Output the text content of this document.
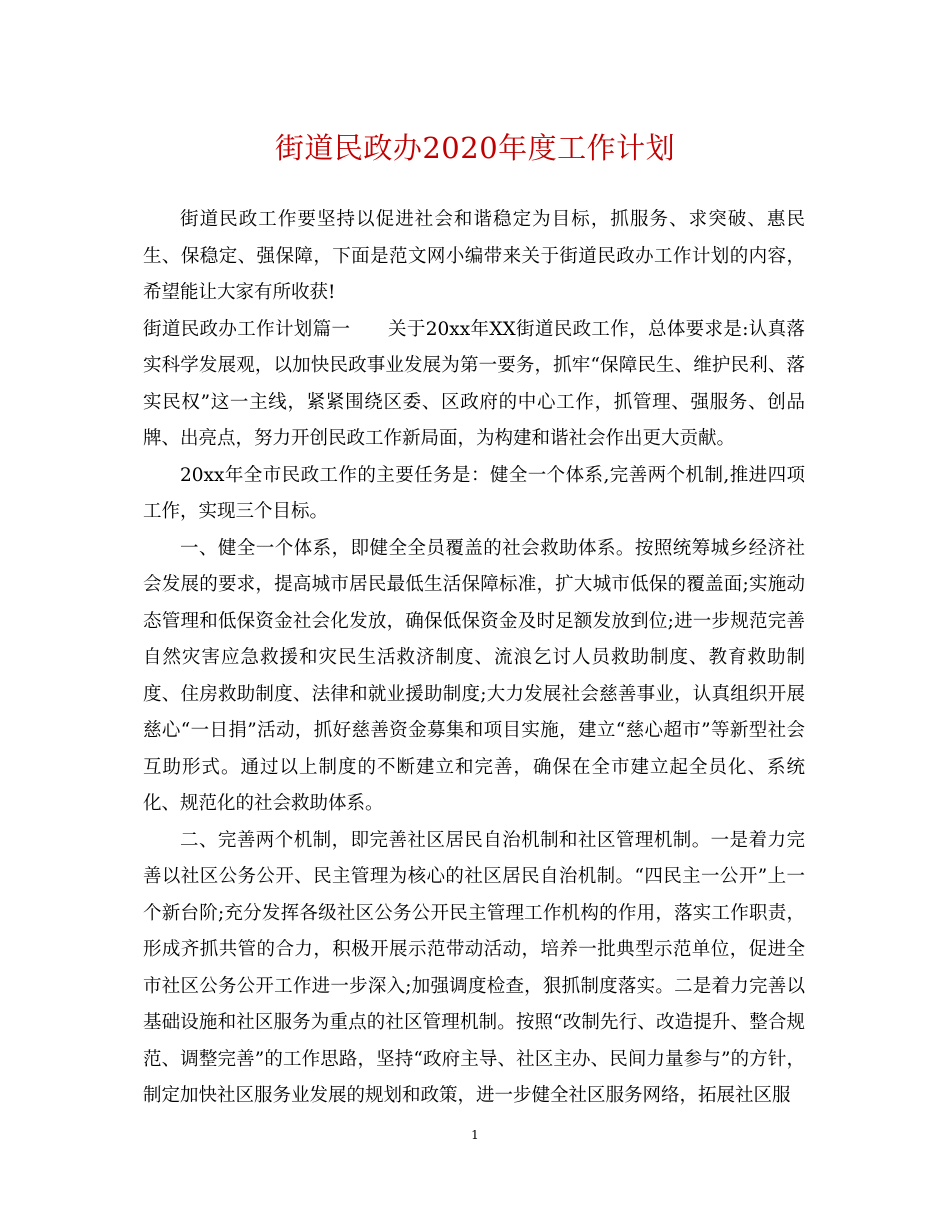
街道民政办2020年度工作计划

街道民政工作要坚持以促进社会和谐稳定为目标，抓服务、求突破、惠民生、保稳定、强保障，下面是范文网小编带来关于街道民政办工作计划的内容，希望能让大家有所收获!

街道民政办工作计划篇一　　关于20xx年XX街道民政工作，总体要求是:认真落实科学发展观，以加快民政事业发展为第一要务，抓牢“保障民生、维护民利、落实民权”这一主线，紧紧围绕区委、区政府的中心工作，抓管理、强服务、创品牌、出亮点，努力开创民政工作新局面，为构建和谐社会作出更大贡献。

20xx年全市民政工作的主要任务是：健全一个体系,完善两个机制,推进四项工作，实现三个目标。

一、健全一个体系，即健全全员覆盖的社会救助体系。按照统筹城乡经济社会发展的要求，提高城市居民最低生活保障标准，扩大城市低保的覆盖面;实施动态管理和低保资金社会化发放，确保低保资金及时足额发放到位;进一步规范完善自然灾害应急救援和灾民生活救济制度、流浪乞讨人员救助制度、教育救助制度、住房救助制度、法律和就业援助制度;大力发展社会慈善事业，认真组织开展慈心“一日捐”活动，抓好慈善资金募集和项目实施，建立“慈心超市”等新型社会互助形式。通过以上制度的不断建立和完善，确保在全市建立起全员化、系统化、规范化的社会救助体系。

二、完善两个机制，即完善社区居民自治机制和社区管理机制。一是着力完善以社区公务公开、民主管理为核心的社区居民自治机制。“四民主一公开”上一个新台阶;充分发挥各级社区公务公开民主管理工作机构的作用，落实工作职责，形成齐抓共管的合力，积极开展示范带动活动，培养一批典型示范单位，促进全市社区公务公开工作进一步深入;加强调度检查，狠抓制度落实。二是着力完善以基础设施和社区服务为重点的社区管理机制。按照“改制先行、改造提升、整合规范、调整完善”的工作思路，坚持“政府主导、社区主办、民间力量参与”的方针，制定加快社区服务业发展的规划和政策，进一步健全社区服务网络，拓展社区服

1
